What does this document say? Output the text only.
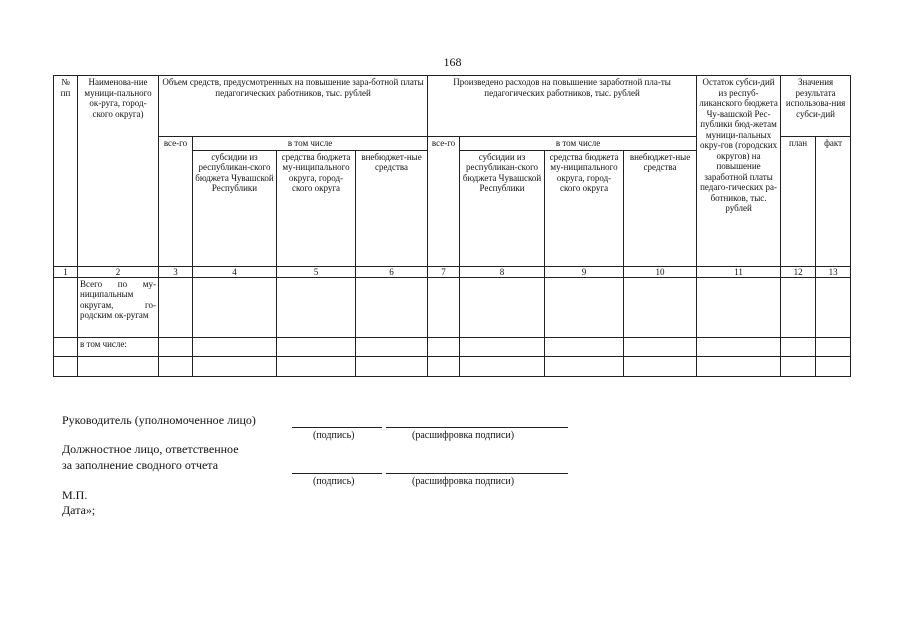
168
№ пп	Наименова-ние муници-пального ок-руга, город-ского округа)	Объем средств, предусмотренных на повышение зара-ботной платы педагогических работников, тыс. рублей				Произведено расходов на повышение заработной пла-ты педагогических работников, тыс. рублей				Остаток субси-дий из респуб-ликанского бюджета Чу-вашской Рес-публики бюд-жетам муници-пальных окру-гов (городских округов) на повышение заработной платы педаго-гических ра-ботников, тыс. рублей	Значения результата использова-ния субси-дий	
		все-го	в том числе			все-го	в том числе				план	факт
			субсидии из республикан-ского бюджета Чувашской Республики	средства бюджета му-ниципального округа, город-ского округа	внебюджет-ные средства		субсидии из республикан-ского бюджета Чувашской Республики	средства бюджета му-ниципального округа, город-ского округа	внебюджет-ные средства			
1	2	3	4	5	6	7	8	9	10	11	12	13
	Всего по му-ниципальным округам, го-родским ок-ругам											
	в том числе:											

Руководитель (уполномоченное лицо)
(подпись)	(расшифровка подписи)
Должностное лицо, ответственное
за заполнение сводного отчета
(подпись)	(расшифровка подписи)
М.П.
Дата»;
